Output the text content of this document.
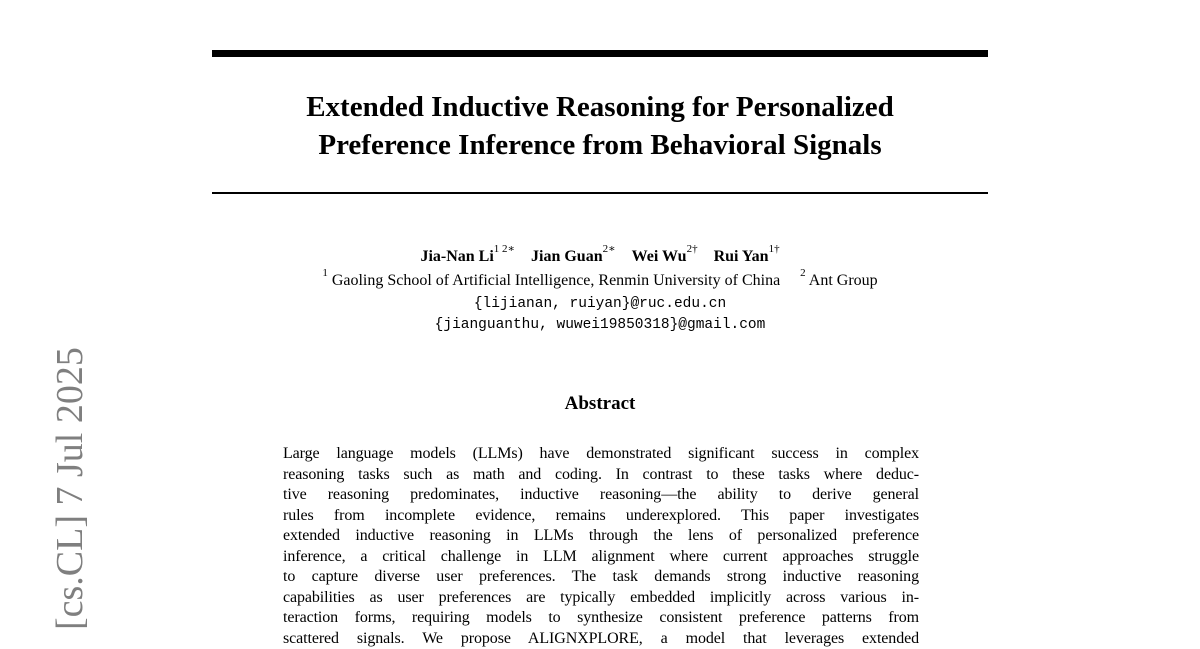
[cs.CL] 7 Jul 2025
Extended Inductive Reasoning for Personalized
Preference Inference from Behavioral Signals
Jia-Nan $Li^{1 2∗}$ Jian Guan$^{2∗}$ Wei $Wu^{2\dagger}$ Rui Yan$^{1\dagger}$
$^1$ Gaoling School of Artificial Intelligence, Renmin University of China $^2$ Ant Group
{lijianan, ruiyan}@ruc.edu.cn
{jianguanthu, wuwei19850318}@gmail.com
Abstract
Large language models (LLMs) have demonstrated significant success in complex
reasoning tasks such as math and coding. In contrast to these tasks where deduc-
tive reasoning predominates, inductive reasoning—the ability to derive general
rules from incomplete evidence, remains underexplored. This paper investigates
extended inductive reasoning in LLMs through the lens of personalized preference
inference, a critical challenge in LLM alignment where current approaches struggle
to capture diverse user preferences. The task demands strong inductive reasoning
capabilities as user preferences are typically embedded implicitly across various in-
teraction forms, requiring models to synthesize consistent preference patterns from
scattered signals. We propose ALIGNXPLORE, a model that leverages extended
